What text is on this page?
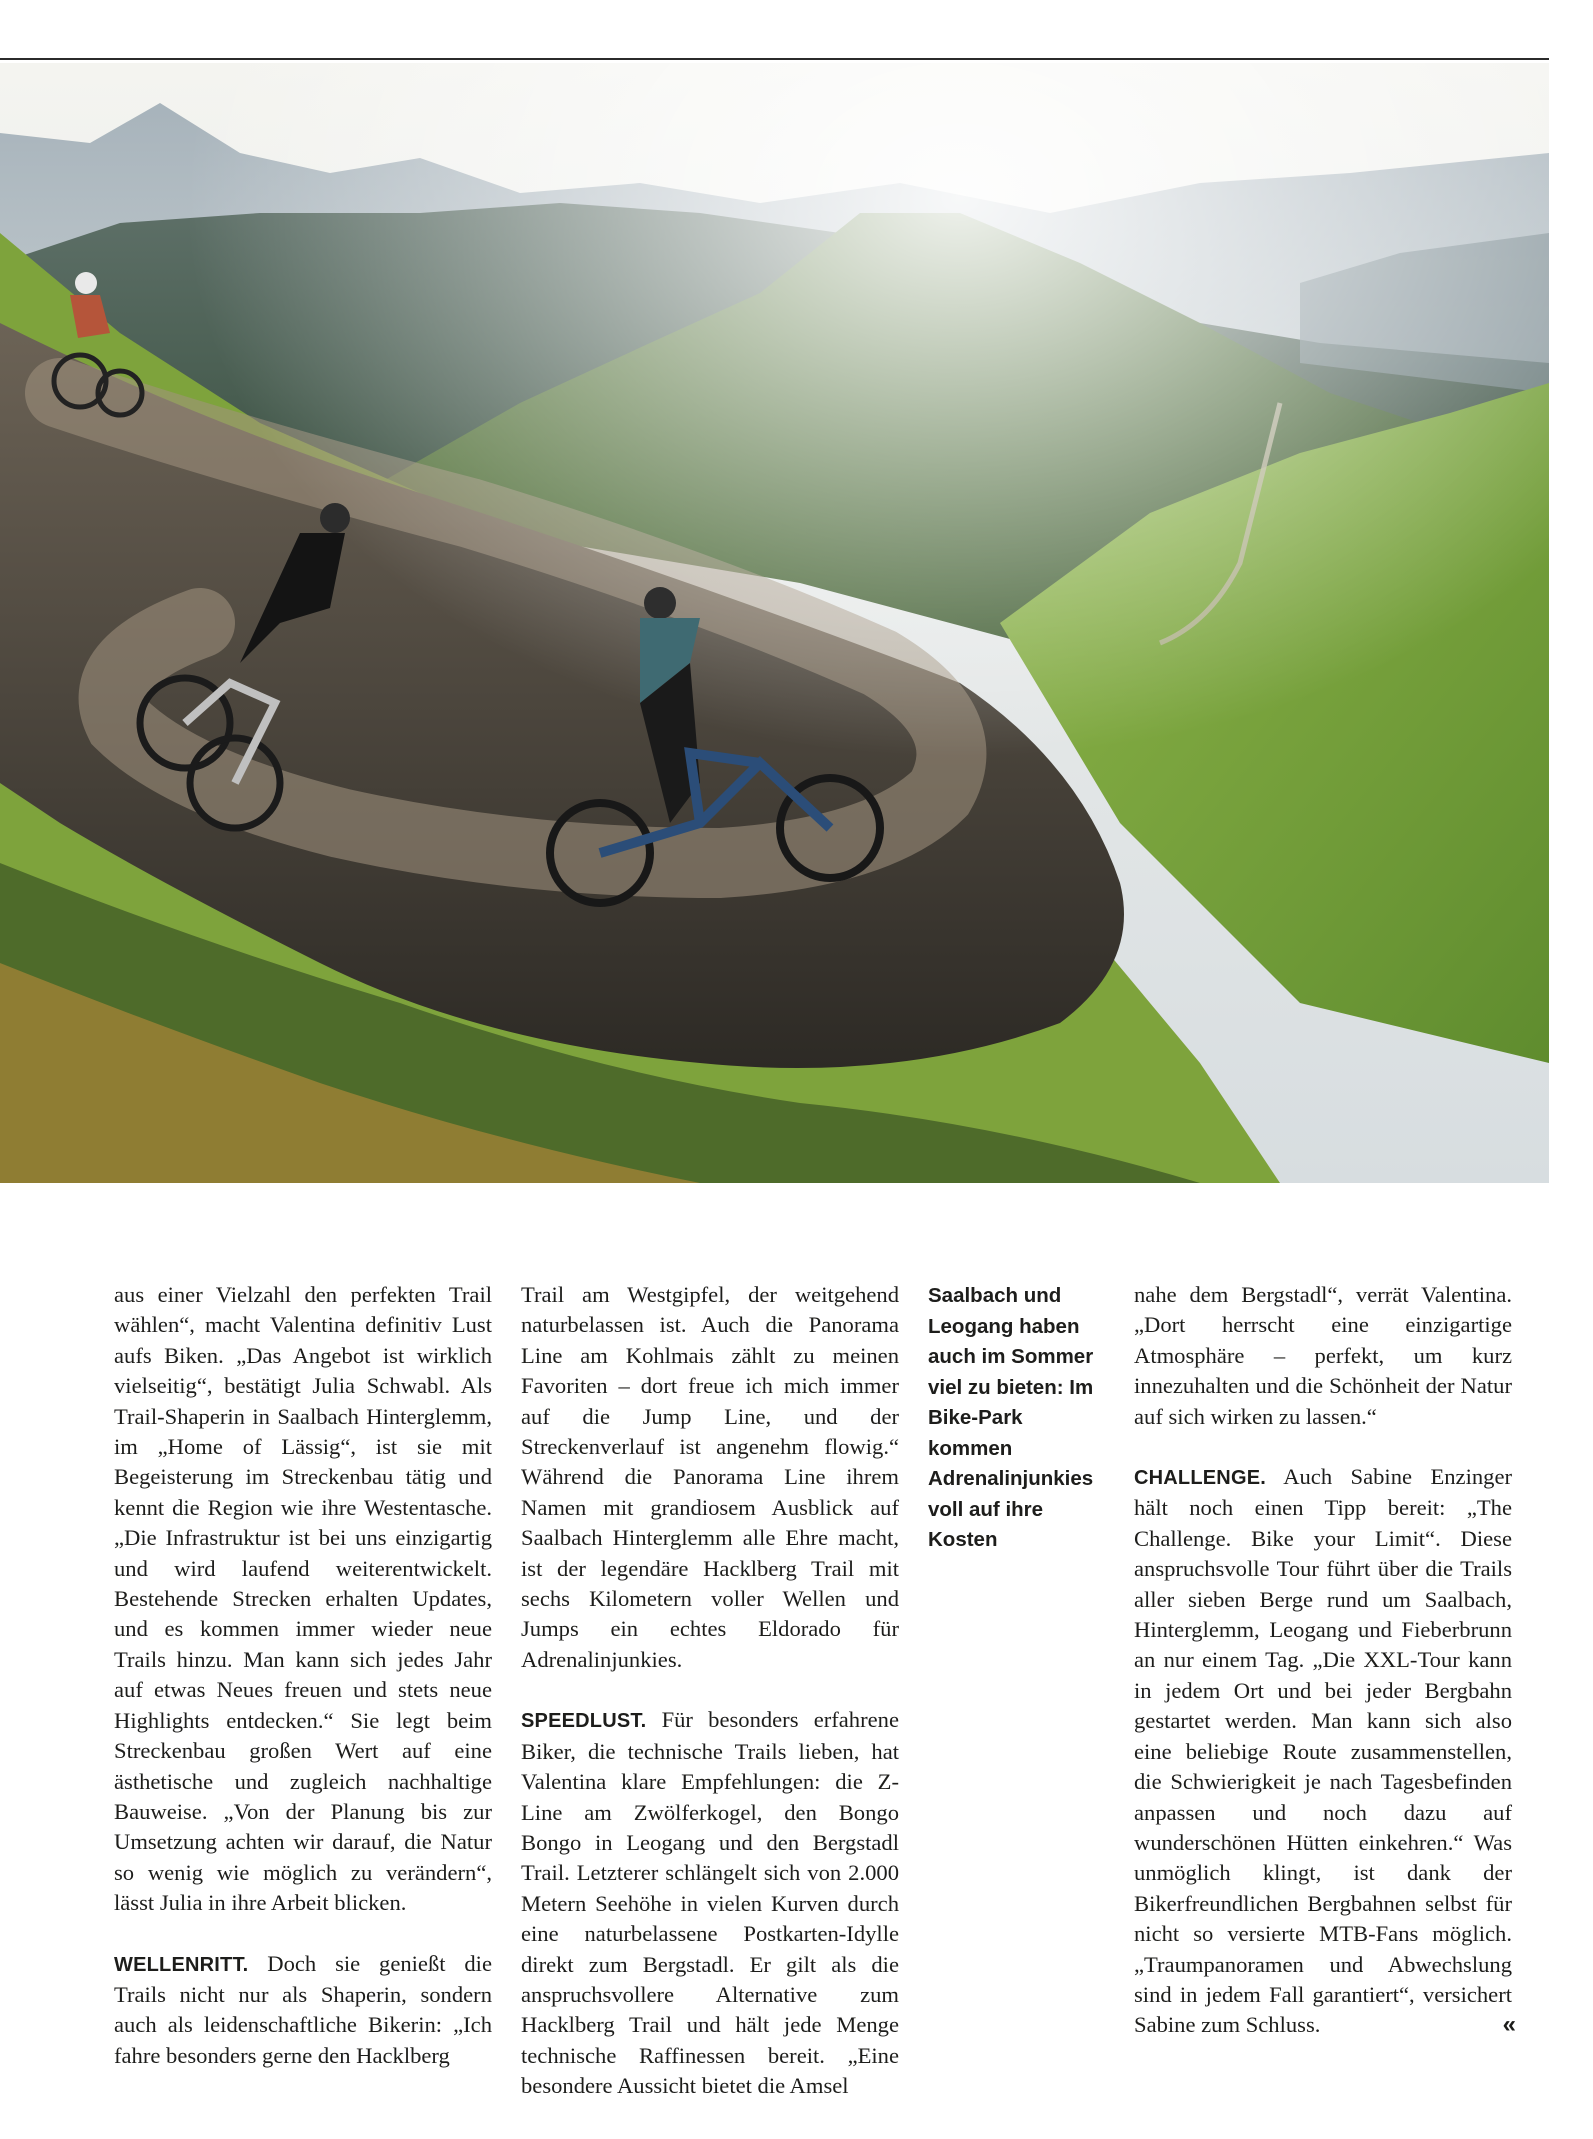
aus einer Vielzahl den perfekten Trail wählen“, macht Valentina definitiv Lust aufs Biken. „Das Angebot ist wirklich vielseitig“, bestätigt Julia Schwabl. Als Trail-Shaperin in Saalbach Hinterglemm, im „Home of Lässig“, ist sie mit Begeisterung im Streckenbau tätig und kennt die Region wie ihre Westentasche. „Die Infrastruktur ist bei uns einzigartig und wird laufend weiterentwickelt. Bestehende Strecken erhalten Updates, und es kommen immer wieder neue Trails hinzu. Man kann sich jedes Jahr auf etwas Neues freuen und stets neue Highlights entdecken.“ Sie legt beim Streckenbau großen Wert auf eine ästhetische und zugleich nachhaltige Bauweise. „Von der Planung bis zur Umsetzung achten wir darauf, die Natur so wenig wie möglich zu verändern“, lässt Julia in ihre Arbeit blicken.

WELLENRITT. Doch sie genießt die Trails nicht nur als Shaperin, sondern auch als leidenschaftliche Bikerin: „Ich fahre besonders gerne den Hacklberg

Trail am Westgipfel, der weitgehend naturbelassen ist. Auch die Panorama Line am Kohlmais zählt zu meinen Favoriten – dort freue ich mich immer auf die Jump Line, und der Streckenverlauf ist angenehm flowig.“ Während die Panorama Line ihrem Namen mit grandiosem Ausblick auf Saalbach Hinterglemm alle Ehre macht, ist der legendäre Hacklberg Trail mit sechs Kilometern voller Wellen und Jumps ein echtes Eldorado für Adrenalinjunkies.

SPEEDLUST. Für besonders erfahrene Biker, die technische Trails lieben, hat Valentina klare Empfehlungen: die Z-Line am Zwölferkogel, den Bongo Bongo in Leogang und den Bergstadl Trail. Letzterer schlängelt sich von 2.000 Metern Seehöhe in vielen Kurven durch eine naturbelassene Postkarten-Idylle direkt zum Bergstadl. Er gilt als die anspruchsvollere Alternative zum Hacklberg Trail und hält jede Menge technische Raffinessen bereit. „Eine besondere Aussicht bietet die Amsel

Saalbach und Leogang haben auch im Sommer viel zu bieten: Im Bike-Park kommen Adrenalinjunkies voll auf ihre Kosten

nahe dem Bergstadl“, verrät Valentina. „Dort herrscht eine einzigartige Atmosphäre – perfekt, um kurz innezuhalten und die Schönheit der Natur auf sich wirken zu lassen.“

CHALLENGE. Auch Sabine Enzinger hält noch einen Tipp bereit: „The Challenge. Bike your Limit“. Diese anspruchsvolle Tour führt über die Trails aller sieben Berge rund um Saalbach, Hinterglemm, Leogang und Fieberbrunn an nur einem Tag. „Die XXL-Tour kann in jedem Ort und bei jeder Bergbahn gestartet werden. Man kann sich also eine beliebige Route zusammenstellen, die Schwierigkeit je nach Tagesbefinden anpassen und noch dazu auf wunderschönen Hütten einkehren.“ Was unmöglich klingt, ist dank der Bikerfreundlichen Bergbahnen selbst für nicht so versierte MTB-Fans möglich. „Traumpanoramen und Abwechslung sind in jedem Fall garantiert“, versichert Sabine zum Schluss.	«
